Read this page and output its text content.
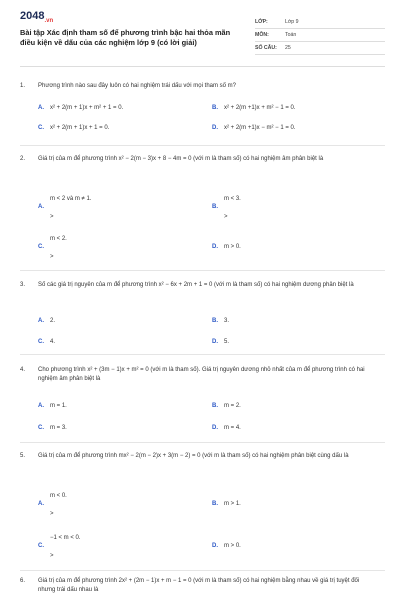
$2048_{.vn}$
Bài tập Xác định tham số để phương trình bậc hai thỏa mãn điều kiện về dấu của các nghiệm lớp 9 (có lời giải)
LỚP:	Lớp 9
MÔN:	Toán
SỐ CÂU: 25
1. Phương trình nào sau đây luôn có hai nghiệm trái dấu với mọi tham số m?
A. x² + 2(m + 1)x + m² + 1 = 0.	B. x² + 2(m +1)x + m² − 1 = 0.
C. x² + 2(m + 1)x + 1 = 0.	D. x² + 2(m +1)x − m² − 1 = 0.
2. Giá trị của m để phương trình x² − 2(m − 3)x + 8 − 4m = 0 (với m là tham số) có hai nghiệm âm phân biệt là
A.
m < 2 và m ≠ 1.
>
B.
m < 3.
>
C.
m < 2.
>
D. m > 0.
3. Số các giá trị nguyên của m để phương trình x² − 6x + 2m + 1 = 0 (với m là tham số) có hai nghiệm dương phân biệt là
A. 2.	B. 3.
C. 4.	D. 5.
4. Cho phương trình x² + (3m − 1)x + m² = 0 (với m là tham số). Giá trị nguyên dương nhỏ nhất của m để phương trình có hai nghiệm âm phân biệt là
A. m = 1.	B. m = 2.
C. m = 3.	D. m = 4.
5. Giá trị của m để phương trình mx² − 2(m − 2)x + 3(m − 2) = 0 (với m là tham số) có hai nghiệm phân biệt cùng dấu là
A.
m < 0.
>
B. m > 1.
C.
−1 < m < 0.
>
D. m > 0.
6. Giá trị của m để phương trình 2x² + (2m − 1)x + m − 1 = 0 (với m là tham số) có hai nghiệm bằng nhau về giá trị tuyệt đối nhưng trái dấu nhau là
